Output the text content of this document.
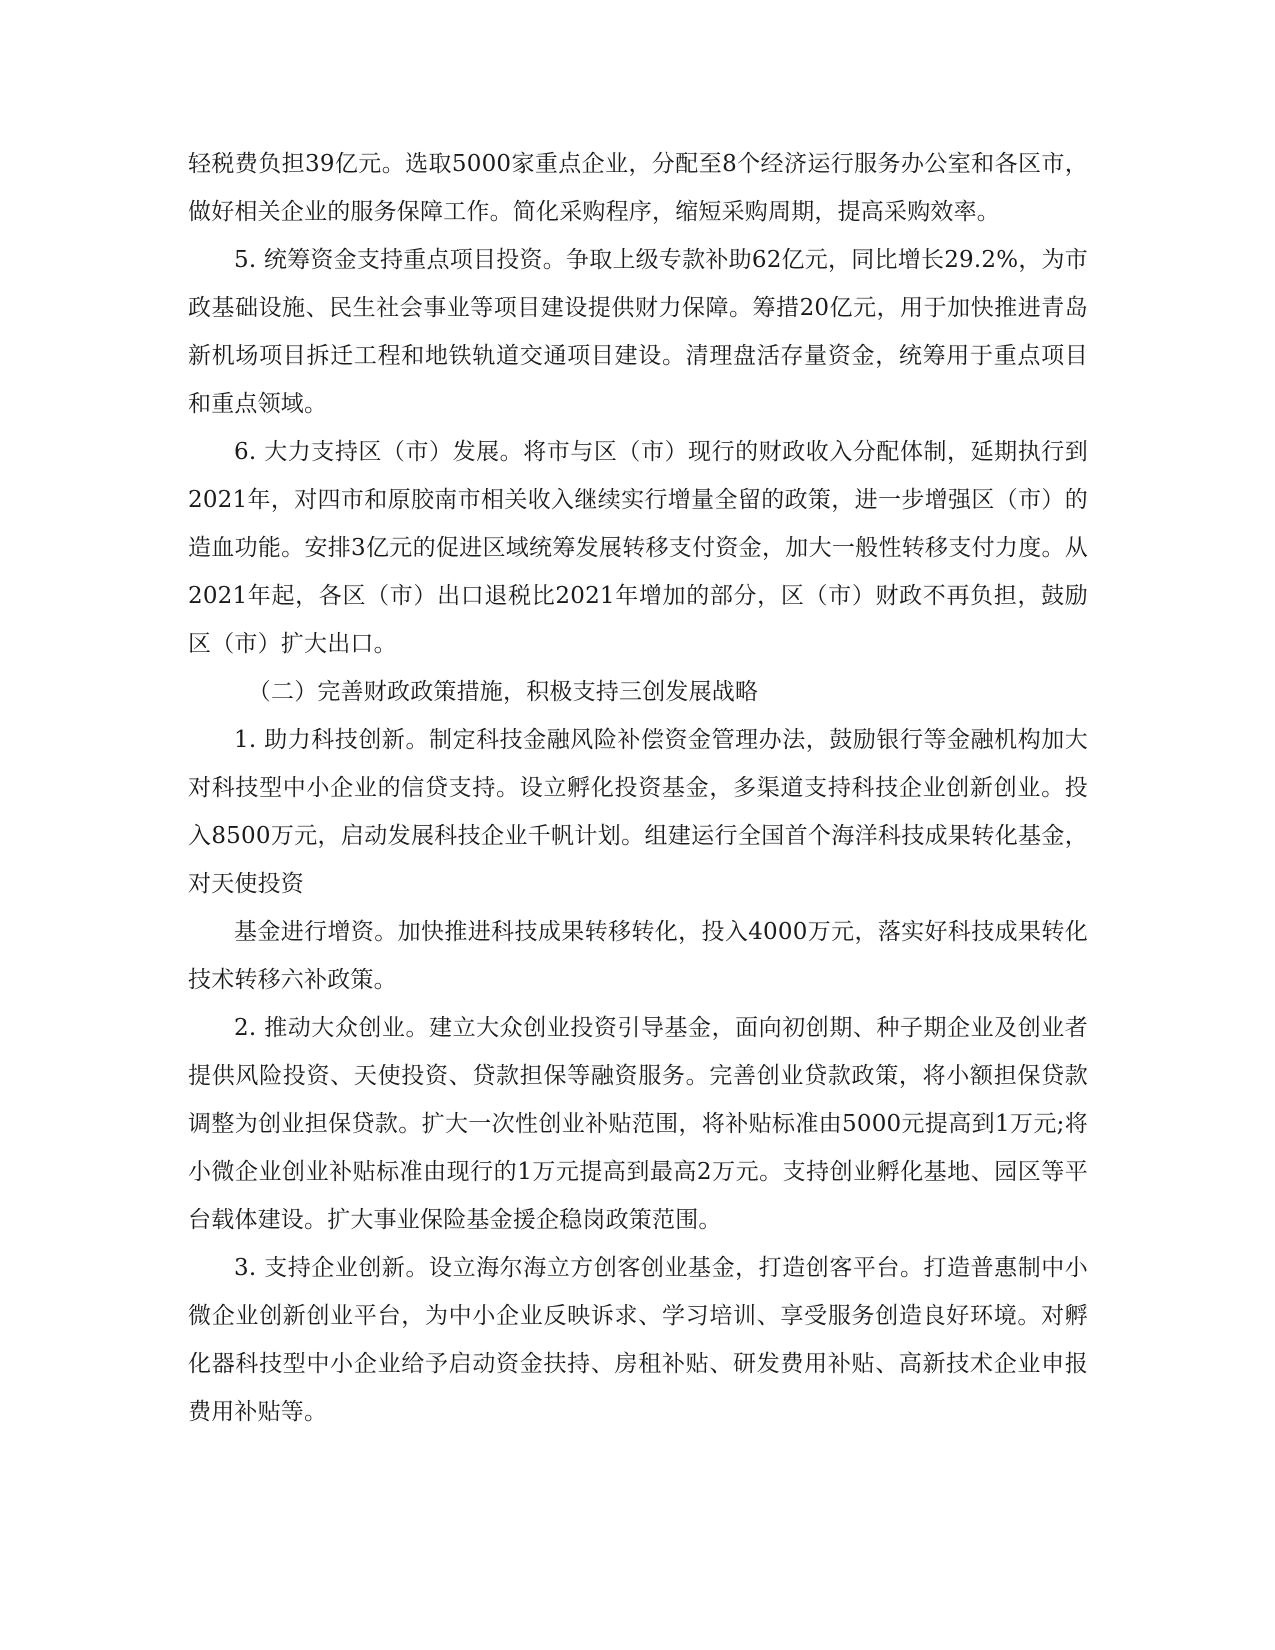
轻税费负担39亿元。选取5000家重点企业，分配至8个经济运行服务办公室和各区市，做好相关企业的服务保障工作。简化采购程序，缩短采购周期，提高采购效率。

5. 统筹资金支持重点项目投资。争取上级专款补助62亿元，同比增长29.2%，为市政基础设施、民生社会事业等项目建设提供财力保障。筹措20亿元，用于加快推进青岛新机场项目拆迁工程和地铁轨道交通项目建设。清理盘活存量资金，统筹用于重点项目和重点领域。

6. 大力支持区（市）发展。将市与区（市）现行的财政收入分配体制，延期执行到2021年，对四市和原胶南市相关收入继续实行增量全留的政策，进一步增强区（市）的造血功能。安排3亿元的促进区域统筹发展转移支付资金，加大一般性转移支付力度。从2021年起，各区（市）出口退税比2021年增加的部分，区（市）财政不再负担，鼓励区（市）扩大出口。

（二）完善财政政策措施，积极支持三创发展战略

1. 助力科技创新。制定科技金融风险补偿资金管理办法，鼓励银行等金融机构加大对科技型中小企业的信贷支持。设立孵化投资基金，多渠道支持科技企业创新创业。投入8500万元，启动发展科技企业千帆计划。组建运行全国首个海洋科技成果转化基金，对天使投资

基金进行增资。加快推进科技成果转移转化，投入4000万元，落实好科技成果转化技术转移六补政策。

2. 推动大众创业。建立大众创业投资引导基金，面向初创期、种子期企业及创业者提供风险投资、天使投资、贷款担保等融资服务。完善创业贷款政策，将小额担保贷款调整为创业担保贷款。扩大一次性创业补贴范围，将补贴标准由5000元提高到1万元;将小微企业创业补贴标准由现行的1万元提高到最高2万元。支持创业孵化基地、园区等平台载体建设。扩大事业保险基金援企稳岗政策范围。

3. 支持企业创新。设立海尔海立方创客创业基金，打造创客平台。打造普惠制中小微企业创新创业平台，为中小企业反映诉求、学习培训、享受服务创造良好环境。对孵化器科技型中小企业给予启动资金扶持、房租补贴、研发费用补贴、高新技术企业申报费用补贴等。
